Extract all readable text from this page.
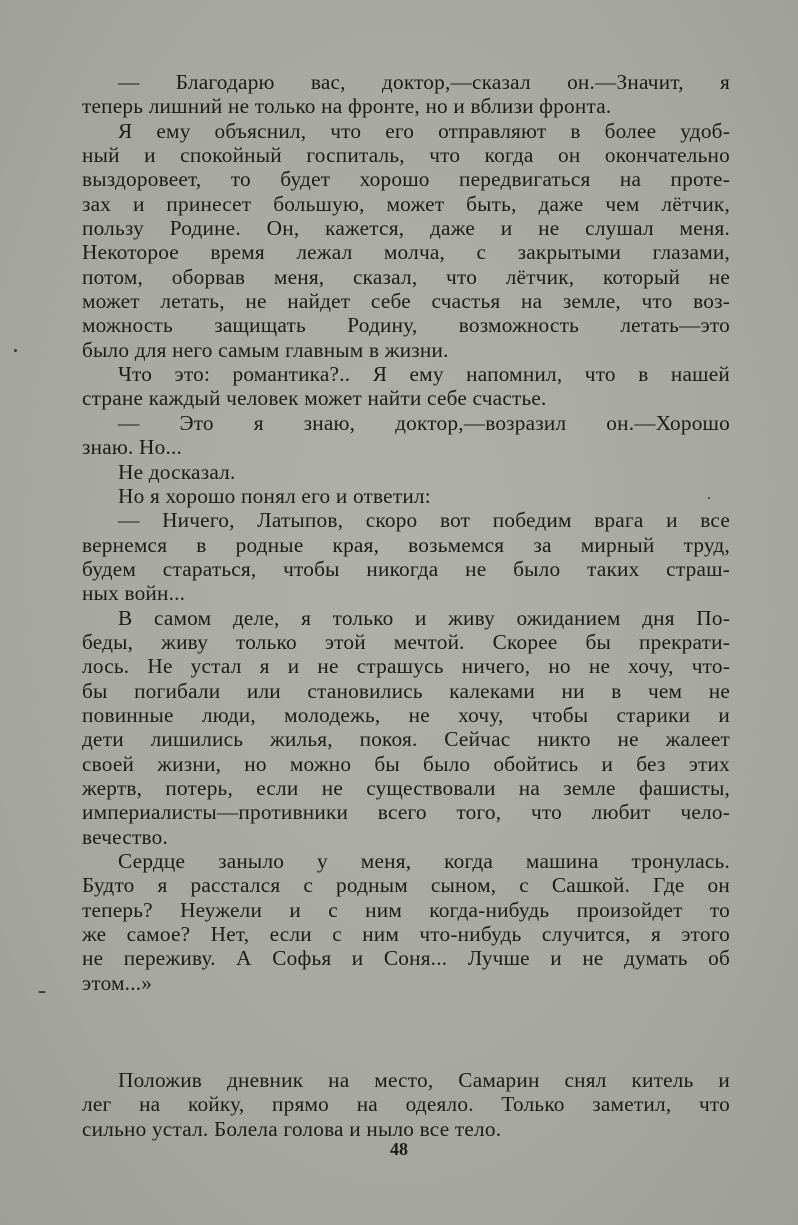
— Благодарю вас, доктор,—сказал он.—Значит, я
теперь лишний не только на фронте, но и вблизи фронта.
Я ему объяснил, что его отправляют в более удоб-
ный и спокойный госпиталь, что когда он окончательно
выздоровеет, то будет хорошо передвигаться на проте-
зах и принесет большую, может быть, даже чем лётчик,
пользу Родине. Он, кажется, даже и не слушал меня.
Некоторое время лежал молча, с закрытыми глазами,
потом, оборвав меня, сказал, что лётчик, который не
может летать, не найдет себе счастья на земле, что воз-
можность защищать Родину, возможность летать—это
было для него самым главным в жизни.
Что это: романтика?.. Я ему напомнил, что в нашей
стране каждый человек может найти себе счастье.
— Это я знаю, доктор,—возразил он.—Хорошо
знаю. Но...
Не досказал.
Но я хорошо понял его и ответил:
— Ничего, Латыпов, скоро вот победим врага и все
вернемся в родные края, возьмемся за мирный труд,
будем стараться, чтобы никогда не было таких страш-
ных войн...
В самом деле, я только и живу ожиданием дня По-
беды, живу только этой мечтой. Скорее бы прекрати-
лось. Не устал я и не страшусь ничего, но не хочу, что-
бы погибали или становились калеками ни в чем не
повинные люди, молодежь, не хочу, чтобы старики и
дети лишились жилья, покоя. Сейчас никто не жалеет
своей жизни, но можно бы было обойтись и без этих
жертв, потерь, если не существовали на земле фашисты,
империалисты—противники всего того, что любит чело-
вечество.
Сердце заныло у меня, когда машина тронулась.
Будто я расстался с родным сыном, с Сашкой. Где он
теперь? Неужели и с ним когда-нибудь произойдет то
же самое? Нет, если с ним что-нибудь случится, я этого
не переживу. А Софья и Соня... Лучше и не думать об
этом...»
Положив дневник на место, Самарин снял китель и
лег на койку, прямо на одеяло. Только заметил, что
сильно устал. Болела голова и ныло все тело.
48
